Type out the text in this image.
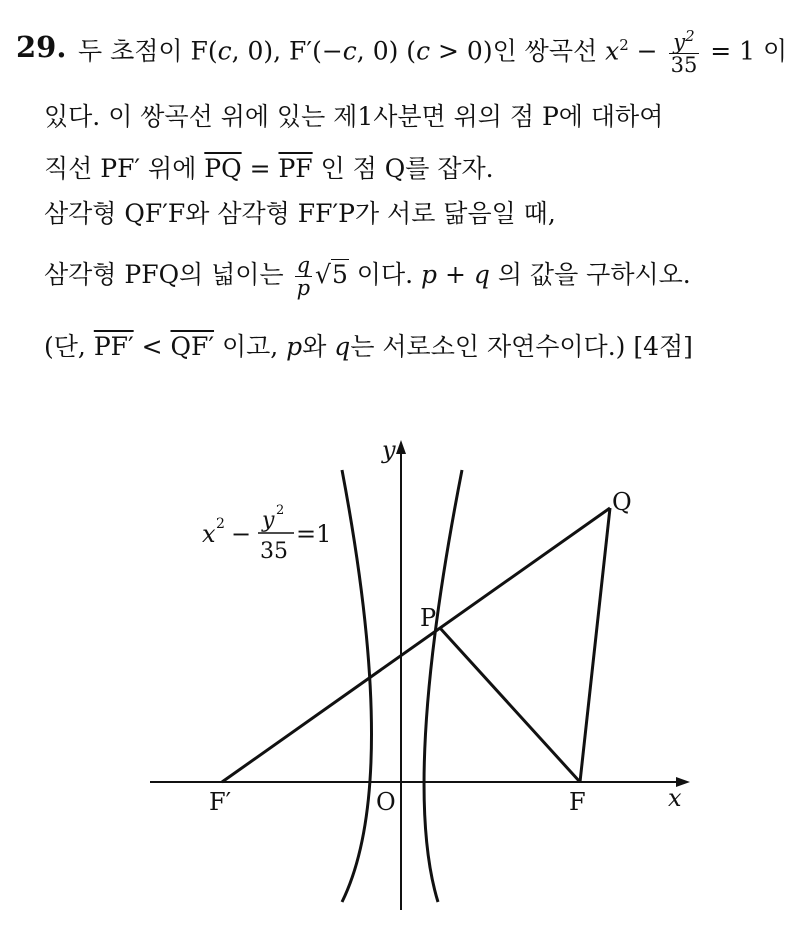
29. 두 초점이 F(c, 0), F′(−c, 0) (c > 0)인 쌍곡선 $x^2 - \frac{y^2}{35} = 1$ 이
있다. 이 쌍곡선 위에 있는 제1사분면 위의 점 P에 대하여
직선 PF′ 위에 $\overline{PQ} = \overline{PF}$ 인 점 Q를 잡자.
삼각형 QF′F와 삼각형 FF′P가 서로 닮음일 때,
삼각형 PFQ의 넓이는 $\frac{q}{p} √5$ 이다. p + q 의 값을 구하시오.
(단, PF′ < QF′ 이고, p와 q는 서로소인 자연수이다.) [4점]
y
x
O
P
Q
F
F′
x 2 − y 2
35
=1
